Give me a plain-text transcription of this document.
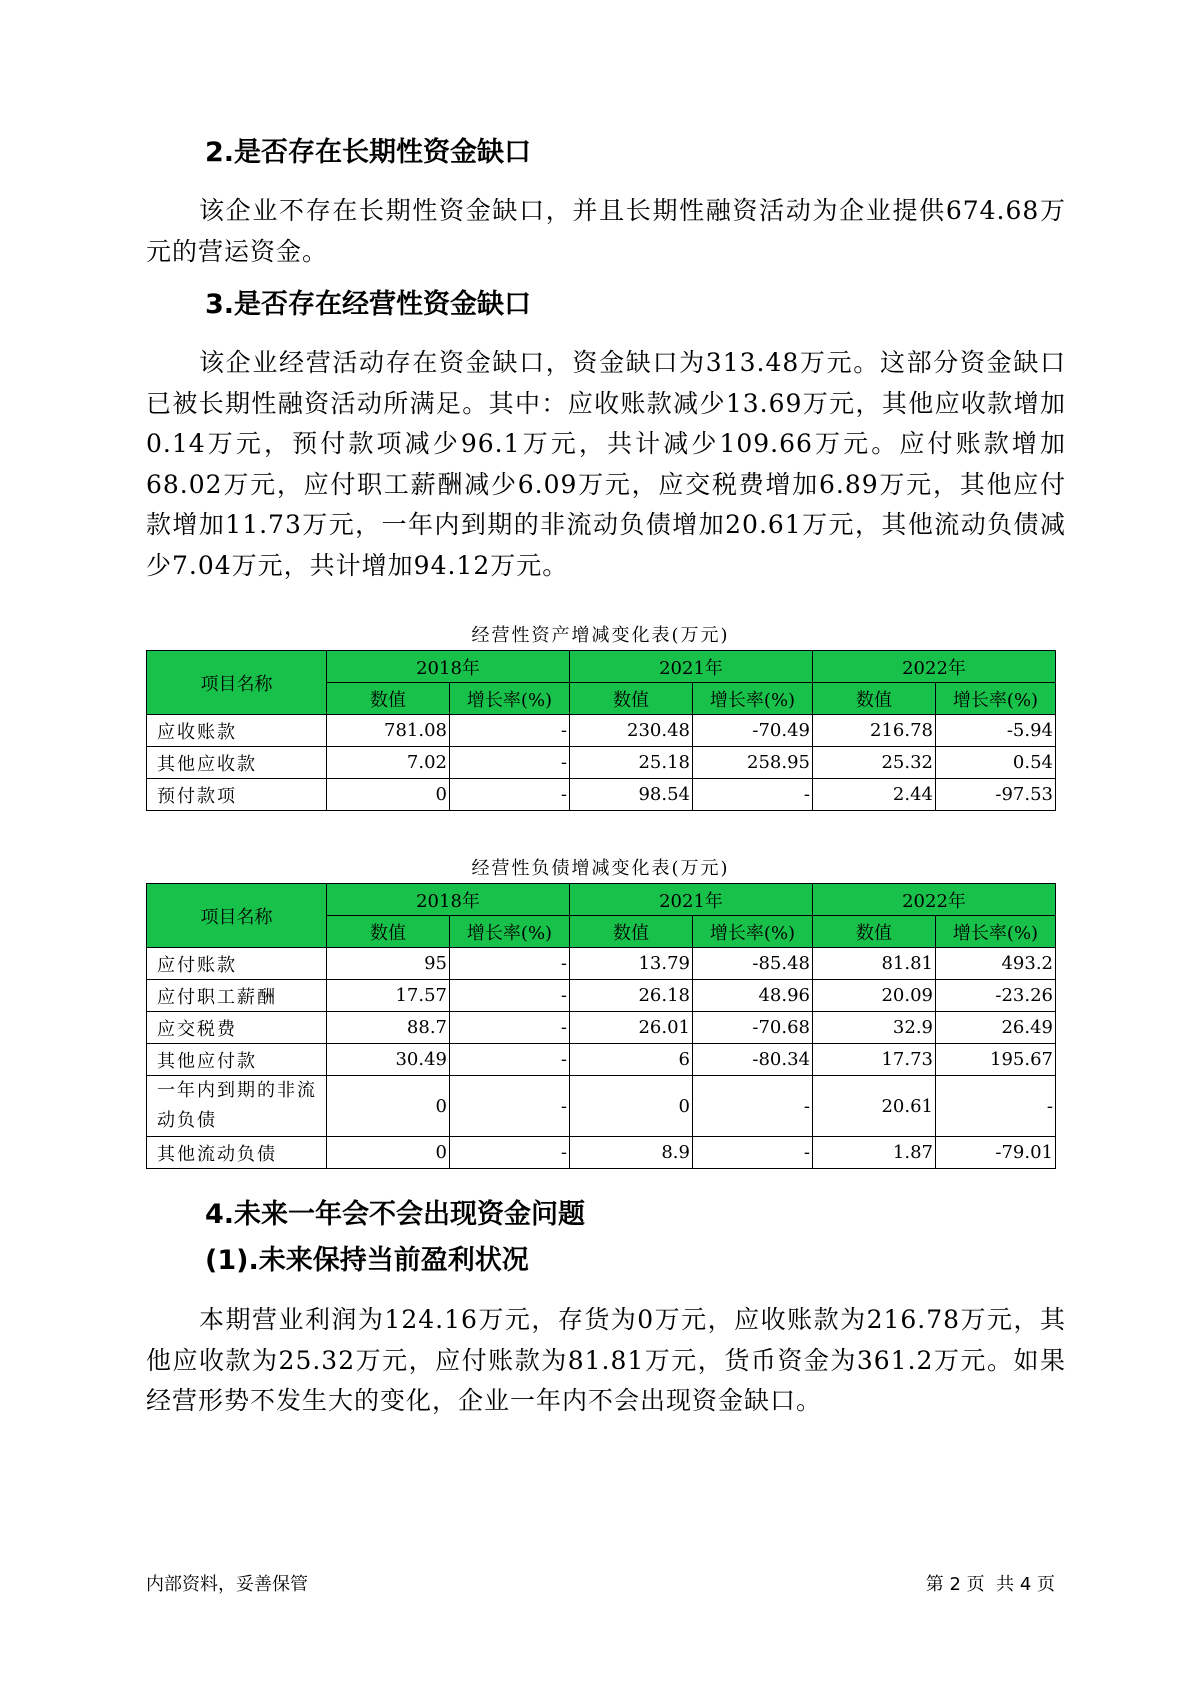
2.是否存在长期性资金缺口
该企业不存在长期性资金缺口，并且长期性融资活动为企业提供674.68万元的营运资金。
3.是否存在经营性资金缺口
该企业经营活动存在资金缺口，资金缺口为313.48万元。这部分资金缺口已被长期性融资活动所满足。其中：应收账款减少13.69万元，其他应收款增加0.14万元，预付款项减少96.1万元，共计减少109.66万元。应付账款增加68.02万元，应付职工薪酬减少6.09万元，应交税费增加6.89万元，其他应付款增加11.73万元，一年内到期的非流动负债增加20.61万元，其他流动负债减少7.04万元，共计增加94.12万元。
经营性资产增减变化表(万元)
项目名称	2018年		2021年		2022年	
	数值	增长率(%)	数值	增长率(%)	数值	增长率(%)
应收账款	781.08	-	230.48	-70.49	216.78	-5.94
其他应收款	7.02	-	25.18	258.95	25.32	0.54
预付款项	0	-	98.54	-	2.44	-97.53
经营性负债增减变化表(万元)
项目名称	2018年		2021年		2022年	
	数值	增长率(%)	数值	增长率(%)	数值	增长率(%)
应付账款	95	-	13.79	-85.48	81.81	493.2
应付职工薪酬	17.57	-	26.18	48.96	20.09	-23.26
应交税费	88.7	-	26.01	-70.68	32.9	26.49
其他应付款	30.49	-	6	-80.34	17.73	195.67
一年内到期的非流动负债	0	-	0	-	20.61	-
其他流动负债	0	-	8.9	-	1.87	-79.01
4.未来一年会不会出现资金问题
(1).未来保持当前盈利状况
本期营业利润为124.16万元，存货为0万元，应收账款为216.78万元，其他应收款为25.32万元，应付账款为81.81万元，货币资金为361.2万元。如果经营形势不发生大的变化，企业一年内不会出现资金缺口。
内部资料，妥善保管	第 2 页  共 4 页
